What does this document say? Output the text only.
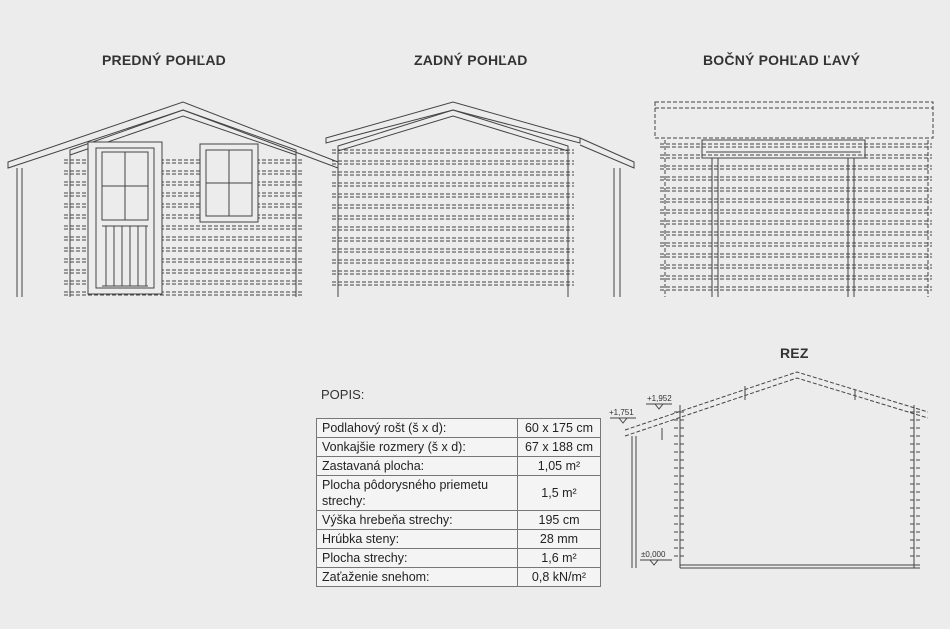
PREDNÝ POHĽAD	ZADNÝ POHĽAD	BOČNÝ POHĽAD ĽAVÝ
REZ
+1,952
+1,751
±0,000
POPIS:
Podlahový rošt (š x d):	60 x 175 cm
Vonkajšie rozmery (š x d):	67 x 188 cm
Zastavaná plocha:	1,05 m²
Plocha pôdorysného priemetu strechy:	1,5 m²
Výška hrebeňa strechy:	195 cm
Hrúbka steny:	28 mm
Plocha strechy:	1,6 m²
Zaťaženie snehom:	0,8 kN/m²
